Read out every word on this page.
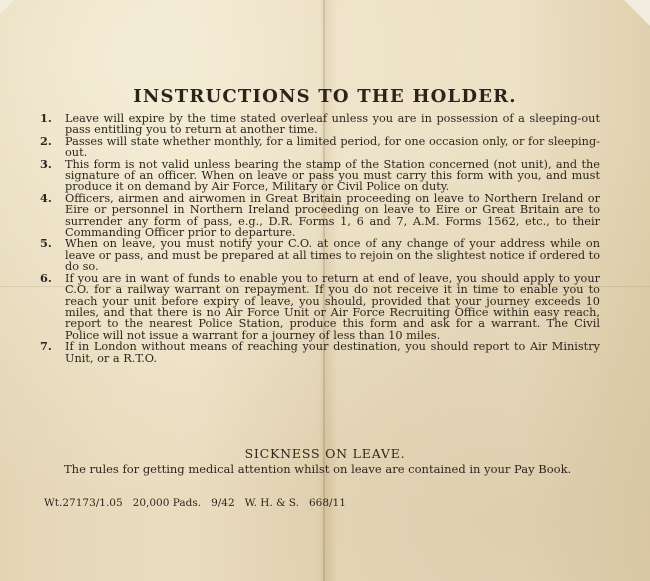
INSTRUCTIONS TO THE HOLDER.
1. Leave will expire by the time stated overleaf unless you are in possession of a sleeping-out pass entitling you to return at another time.
2. Passes will state whether monthly, for a limited period, for one occasion only, or for sleeping-out.
3. This form is not valid unless bearing the stamp of the Station concerned (not unit), and the signature of an officer. When on leave or pass you must carry this form with you, and must produce it on demand by Air Force, Military or Civil Police on duty.
4. Officers, airmen and airwomen in Great Britain proceeding on leave to Northern Ireland or Eire or personnel in Northern Ireland proceeding on leave to Eire or Great Britain are to surrender any form of pass, e.g., D.R. Forms 1, 6 and 7, A.M. Forms 1562, etc., to their Commanding Officer prior to departure.
5. When on leave, you must notify your C.O. at once of any change of your address while on leave or pass, and must be prepared at all times to rejoin on the slightest notice if ordered to do so.
6. If you are in want of funds to enable you to return at end of leave, you should apply to your C.O. for a railway warrant on repayment. If you do not receive it in time to enable you to reach your unit before expiry of leave, you should, provided that your journey exceeds 10 miles, and that there is no Air Force Unit or Air Force Recruiting Office within easy reach, report to the nearest Police Station, produce this form and ask for a warrant. The Civil Police will not issue a warrant for a journey of less than 10 miles.
7. If in London without means of reaching your destination, you should report to Air Ministry Unit, or a R.T.O.
SICKNESS ON LEAVE.
The rules for getting medical attention whilst on leave are contained in your Pay Book.
Wt.27173/1.05   20,000 Pads.   9/42   W. H. & S.   668/11
